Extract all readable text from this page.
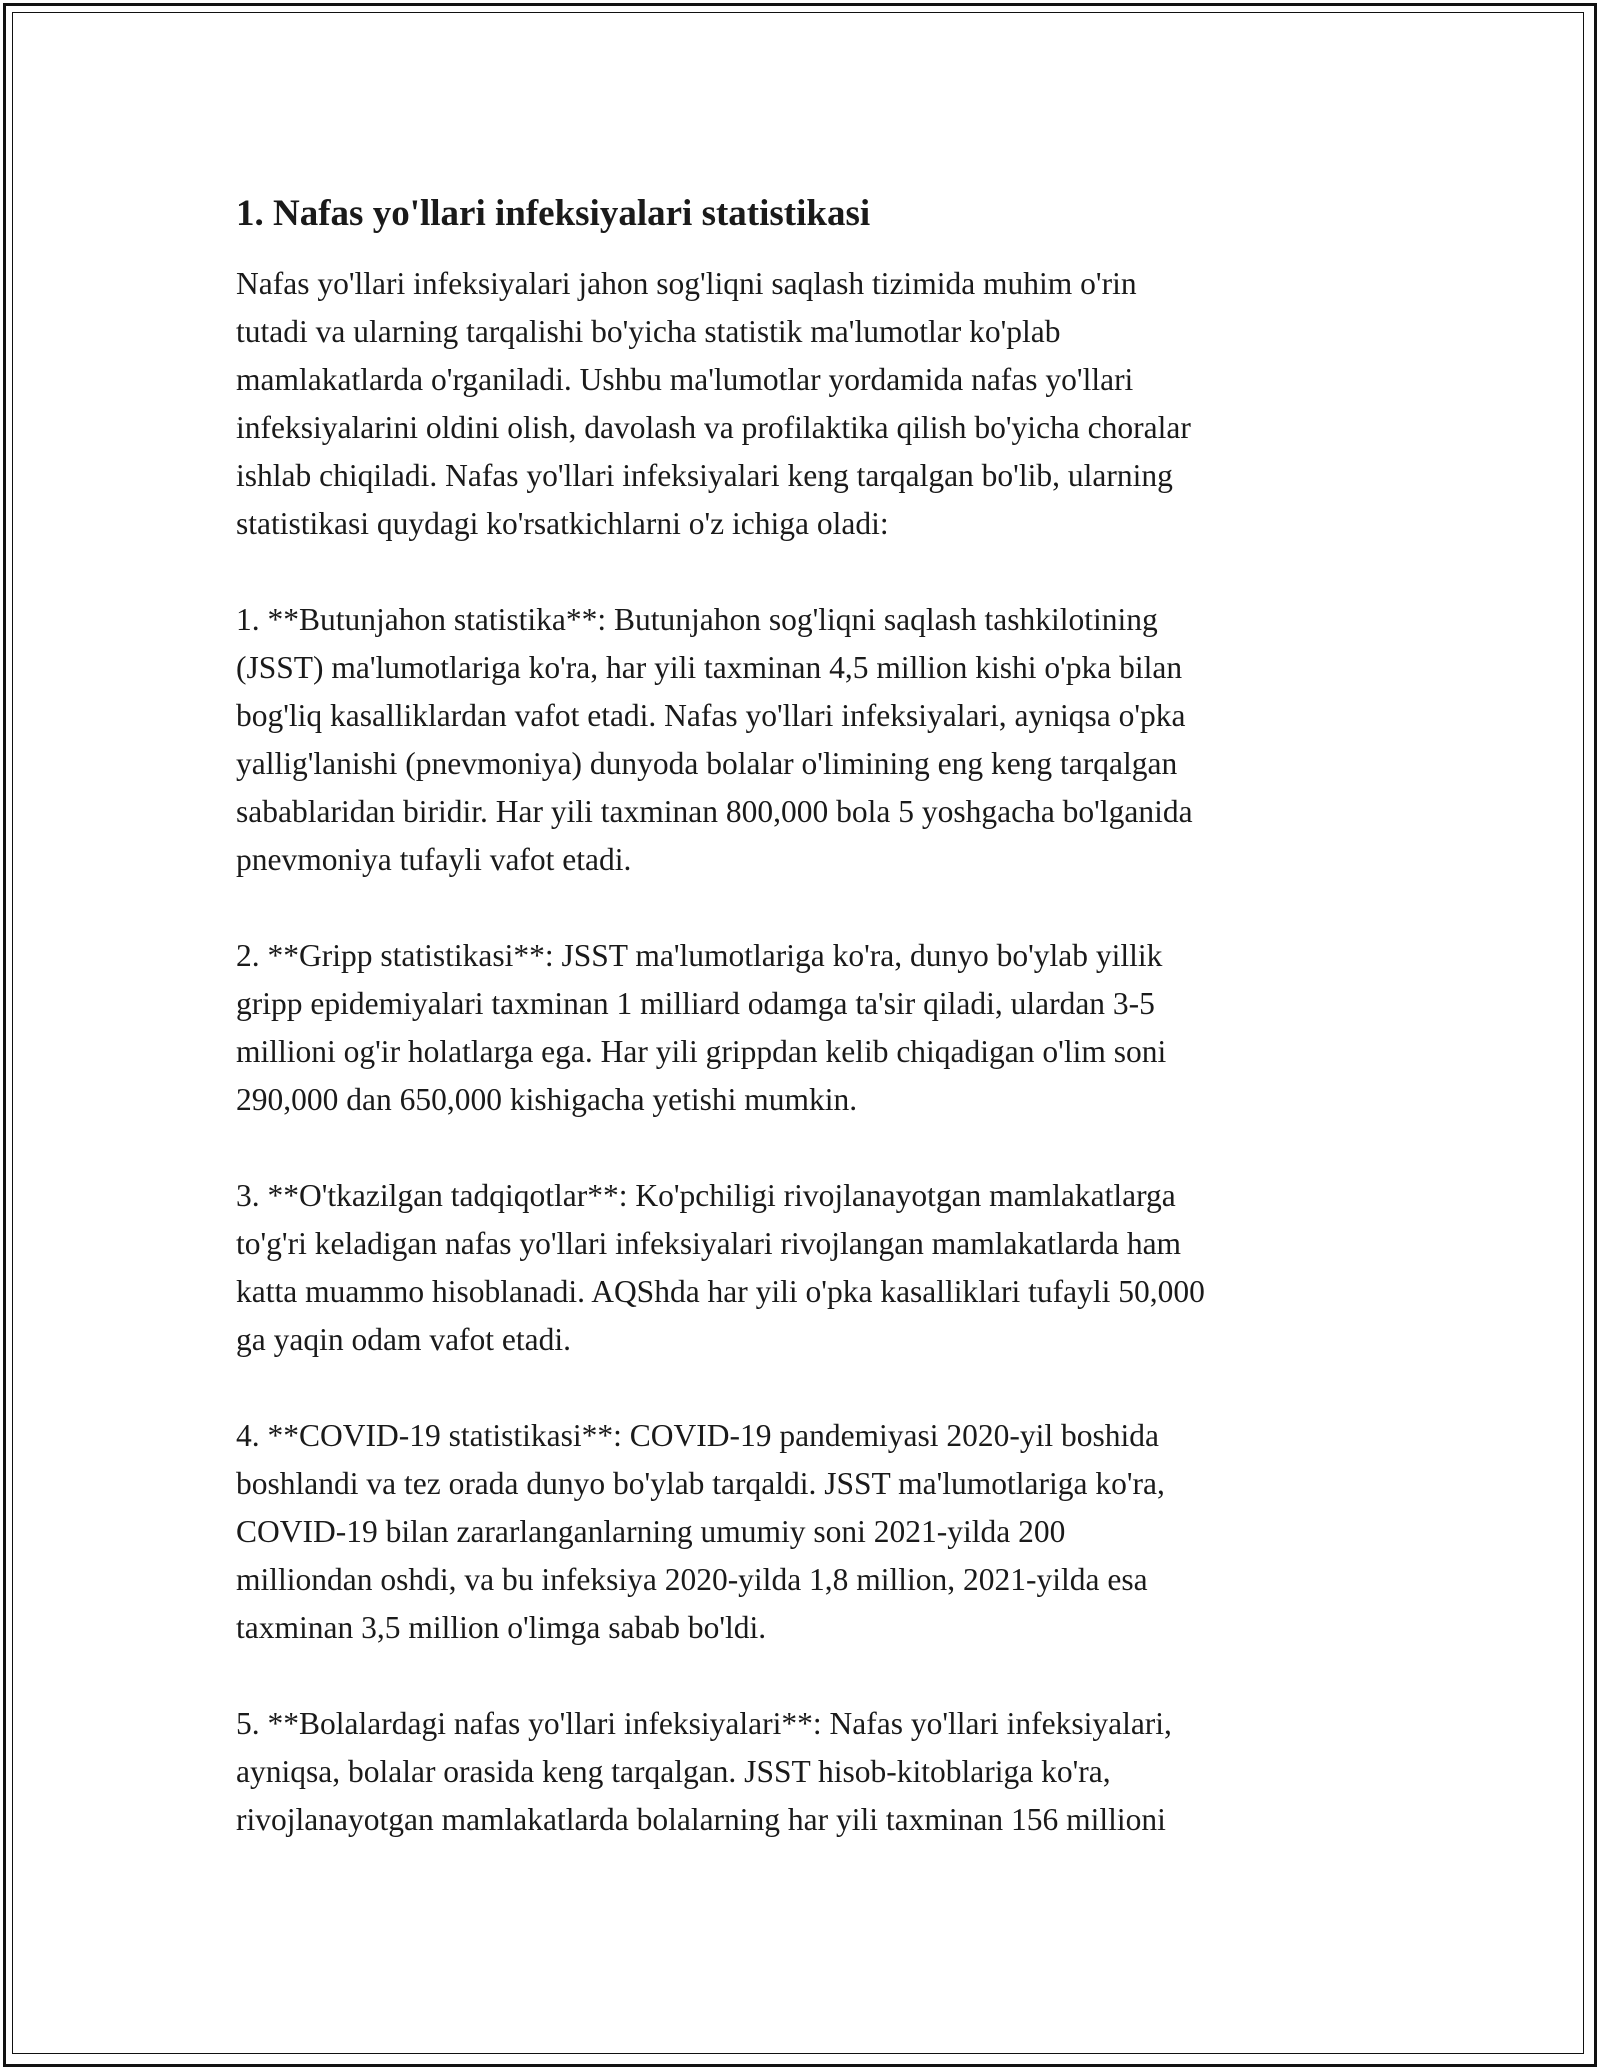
1. Nafas yo'llari infeksiyalari statistikasi
Nafas yo'llari infeksiyalari jahon sog'liqni saqlash tizimida muhim o'rin
tutadi va ularning tarqalishi bo'yicha statistik ma'lumotlar ko'plab
mamlakatlarda o'rganiladi. Ushbu ma'lumotlar yordamida nafas yo'llari
infeksiyalarini oldini olish, davolash va profilaktika qilish bo'yicha choralar
ishlab chiqiladi. Nafas yo'llari infeksiyalari keng tarqalgan bo'lib, ularning
statistikasi quydagi ko'rsatkichlarni o'z ichiga oladi:
1. **Butunjahon statistika**: Butunjahon sog'liqni saqlash tashkilotining
(JSST) ma'lumotlariga ko'ra, har yili taxminan 4,5 million kishi o'pka bilan
bog'liq kasalliklardan vafot etadi. Nafas yo'llari infeksiyalari, ayniqsa o'pka
yallig'lanishi (pnevmoniya) dunyoda bolalar o'limining eng keng tarqalgan
sabablaridan biridir. Har yili taxminan 800,000 bola 5 yoshgacha bo'lganida
pnevmoniya tufayli vafot etadi.
2. **Gripp statistikasi**: JSST ma'lumotlariga ko'ra, dunyo bo'ylab yillik
gripp epidemiyalari taxminan 1 milliard odamga ta'sir qiladi, ulardan 3-5
millioni og'ir holatlarga ega. Har yili grippdan kelib chiqadigan o'lim soni
290,000 dan 650,000 kishigacha yetishi mumkin.
3. **O'tkazilgan tadqiqotlar**: Ko'pchiligi rivojlanayotgan mamlakatlarga
to'g'ri keladigan nafas yo'llari infeksiyalari rivojlangan mamlakatlarda ham
katta muammo hisoblanadi. AQShda har yili o'pka kasalliklari tufayli 50,000
ga yaqin odam vafot etadi.
4. **COVID-19 statistikasi**: COVID-19 pandemiyasi 2020-yil boshida
boshlandi va tez orada dunyo bo'ylab tarqaldi. JSST ma'lumotlariga ko'ra,
COVID-19 bilan zararlanganlarning umumiy soni 2021-yilda 200
milliondan oshdi, va bu infeksiya 2020-yilda 1,8 million, 2021-yilda esa
taxminan 3,5 million o'limga sabab bo'ldi.
5. **Bolalardagi nafas yo'llari infeksiyalari**: Nafas yo'llari infeksiyalari,
ayniqsa, bolalar orasida keng tarqalgan. JSST hisob-kitoblariga ko'ra,
rivojlanayotgan mamlakatlarda bolalarning har yili taxminan 156 millioni
